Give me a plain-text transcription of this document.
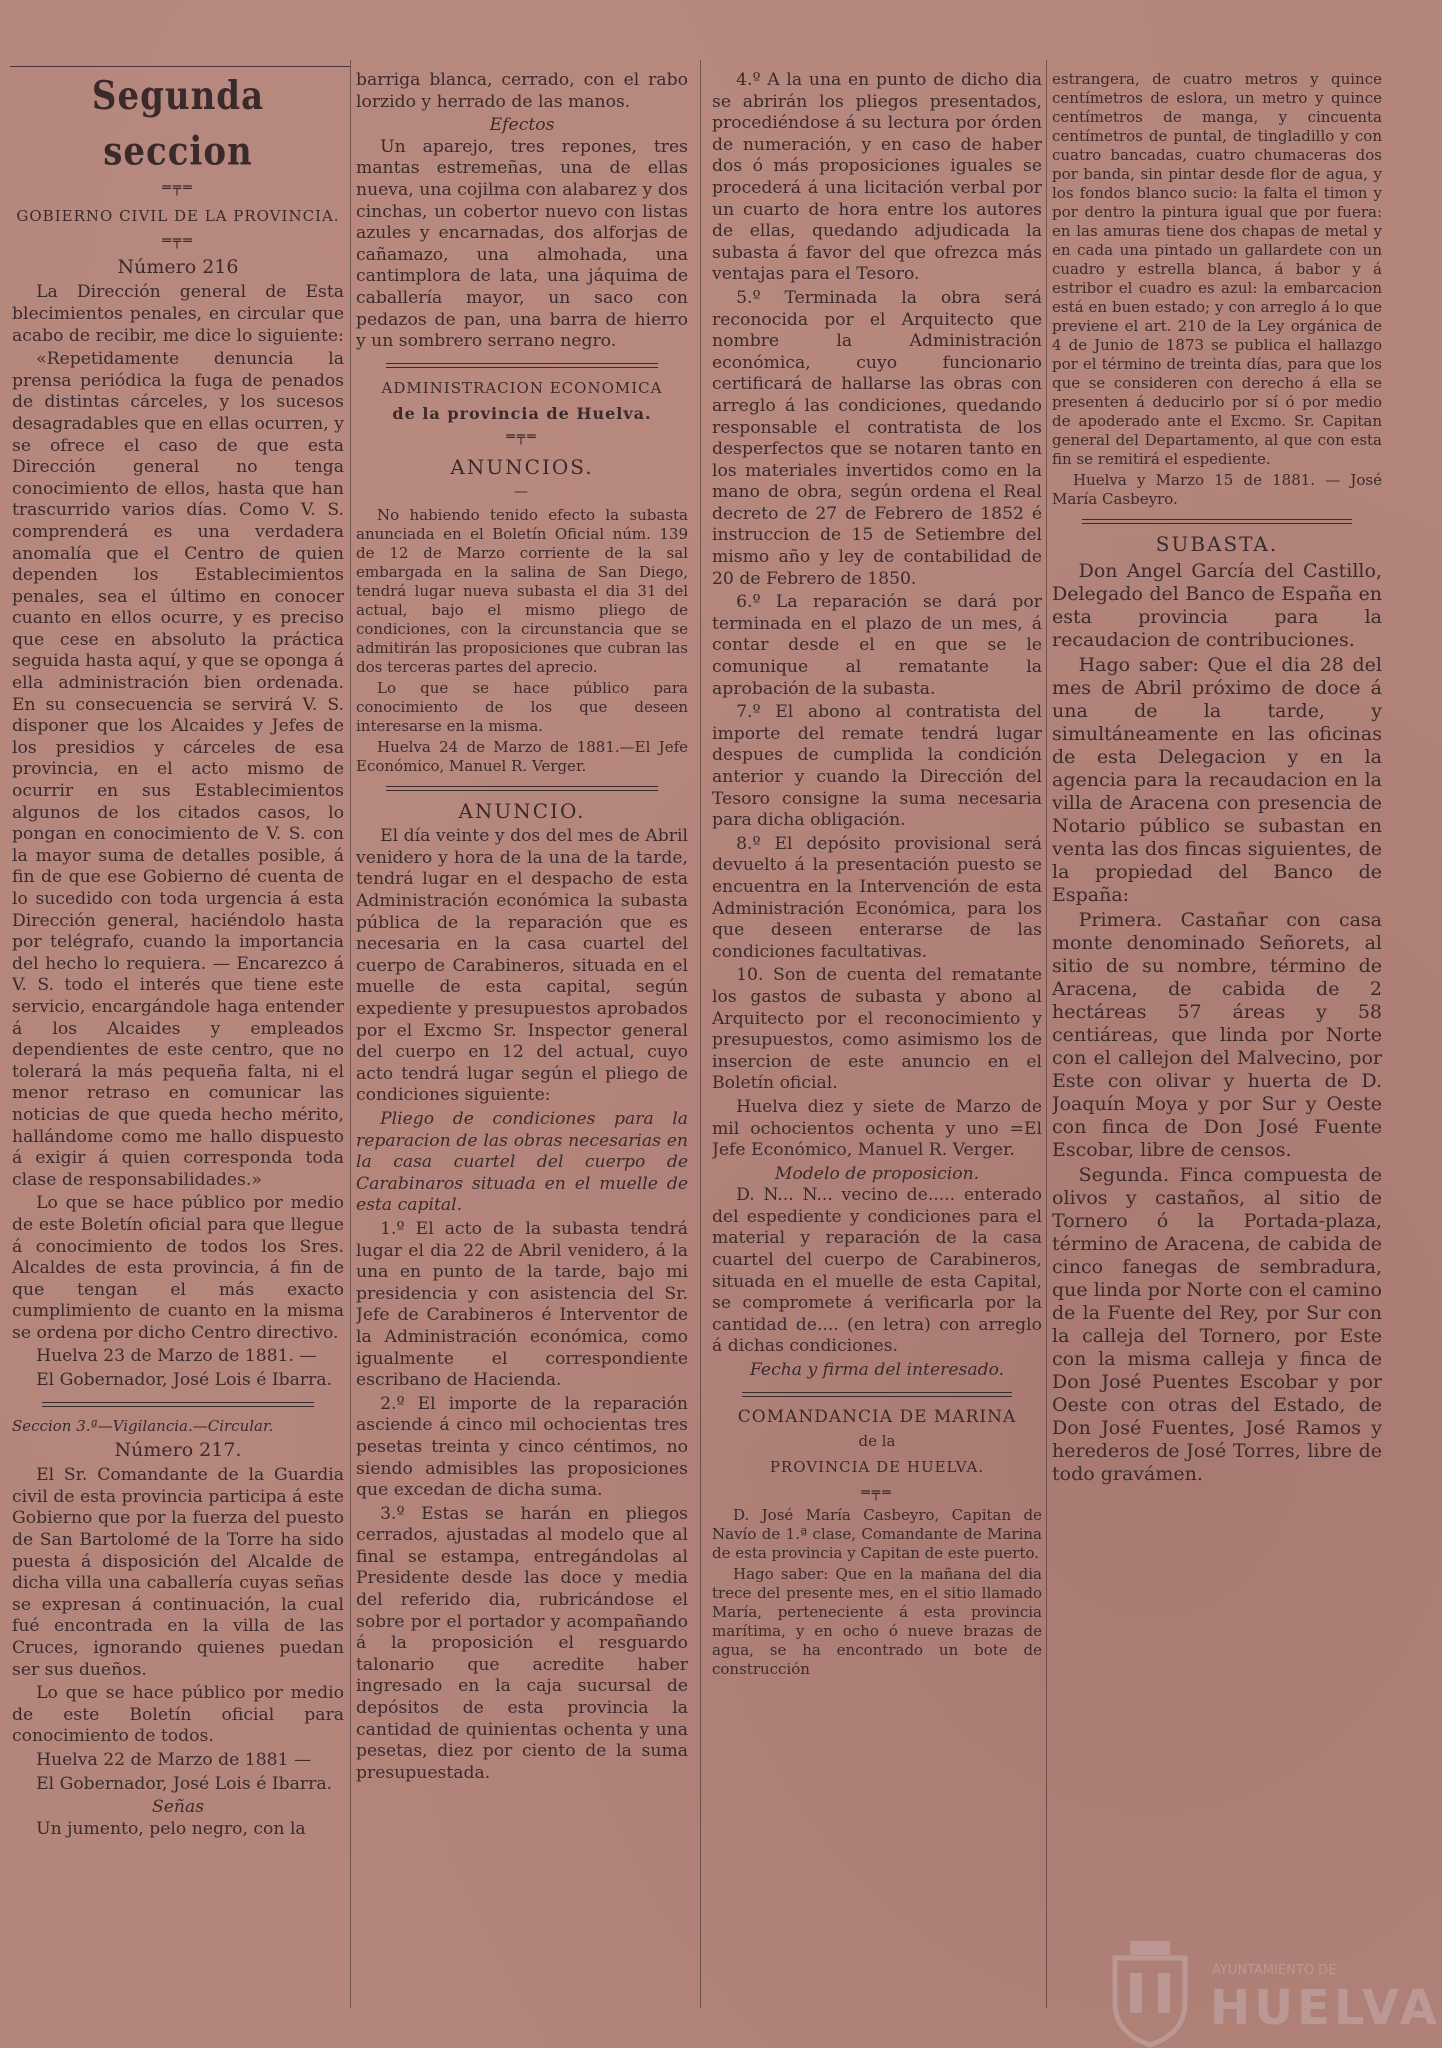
Segunda seccion
═╤═
GOBIERNO CIVIL DE LA PROVINCIA.
═╤═
Número 216

La Dirección general de Esta blecimientos penales, en circular que acabo de recibir, me dice lo siguiente:

«Repetidamente denuncia la prensa periódica la fuga de penados de distintas cárceles, y los sucesos desagradables que en ellas ocurren, y se ofrece el caso de que esta Dirección general no tenga conocimiento de ellos, hasta que han trascurrido varios días. Como V. S. comprenderá es una verdadera anomalía que el Centro de quien dependen los Establecimientos penales, sea el último en conocer cuanto en ellos ocurre, y es preciso que cese en absoluto la práctica seguida hasta aquí, y que se oponga á ella administración bien ordenada. En su consecuencia se servirá V. S. disponer que los Alcaides y Jefes de los presidios y cárceles de esa provincia, en el acto mismo de ocurrir en sus Establecimientos algunos de los citados casos, lo pongan en conocimiento de V. S. con la mayor suma de detalles posible, á fin de que ese Gobierno dé cuenta de lo sucedido con toda urgencia á esta Dirección general, haciéndolo hasta por telégrafo, cuando la importancia del hecho lo requiera. — Encarezco á V. S. todo el interés que tiene este servicio, encargándole haga entender á los Alcaides y empleados dependientes de este centro, que no tolerará la más pequeña falta, ni el menor retraso en comunicar las noticias de que queda hecho mérito, hallándome como me hallo dispuesto á exigir á quien corresponda toda clase de responsabilidades.»

Lo que se hace público por medio de este Boletín oficial para que llegue á conocimiento de todos los Sres. Alcaldes de esta provincia, á fin de que tengan el más exacto cumplimiento de cuanto en la misma se ordena por dicho Centro directivo.

Huelva 23 de Marzo de 1881. —

El Gobernador, José Lois é Ibarra.

Seccion 3.ª—Vigilancia.—Circular.

Número 217.

El Sr. Comandante de la Guardia civil de esta provincia participa á este Gobierno que por la fuerza del puesto de San Bartolomé de la Torre ha sido puesta á disposición del Alcalde de dicha villa una caballería cuyas señas se expresan á continuación, la cual fué encontrada en la villa de las Cruces, ignorando quienes puedan ser sus dueños.

Lo que se hace público por medio de este Boletín oficial para conocimiento de todos.

Huelva 22 de Marzo de 1881 —

El Gobernador, José Lois é Ibarra.

Señas

Un jumento, pelo negro, con la

barriga blanca, cerrado, con el rabo lorzido y herrado de las manos.

Efectos

Un aparejo, tres repones, tres mantas estremeñas, una de ellas nueva, una cojilma con alabarez y dos cinchas, un cobertor nuevo con listas azules y encarnadas, dos alforjas de cañamazo, una almohada, una cantimplora de lata, una jáquima de caballería mayor, un saco con pedazos de pan, una barra de hierro y un sombrero serrano negro.

ADMINISTRACION ECONOMICA
de la provincia de Huelva.
═╤═
ANUNCIOS.
—

No habiendo tenido efecto la subasta anunciada en el Boletín Oficial núm. 139 de 12 de Marzo corriente de la sal embargada en la salina de San Diego, tendrá lugar nueva subasta el dia 31 del actual, bajo el mismo pliego de condiciones, con la circunstancia que se admitirán las proposiciones que cubran las dos terceras partes del aprecio.

Lo que se hace público para conocimiento de los que deseen interesarse en la misma.

Huelva 24 de Marzo de 1881.—El Jefe Económico, Manuel R. Verger.

ANUNCIO.

El día veinte y dos del mes de Abril venidero y hora de la una de la tarde, tendrá lugar en el despacho de esta Administración económica la subasta pública de la reparación que es necesaria en la casa cuartel del cuerpo de Carabineros, situada en el muelle de esta capital, según expediente y presupuestos aprobados por el Excmo Sr. Inspector general del cuerpo en 12 del actual, cuyo acto tendrá lugar según el pliego de condiciones siguiente:

Pliego de condiciones para la reparacion de las obras necesarias en la casa cuartel del cuerpo de Carabinaros situada en el muelle de esta capital.

1.º El acto de la subasta tendrá lugar el dia 22 de Abril venidero, á la una en punto de la tarde, bajo mi presidencia y con asistencia del Sr. Jefe de Carabineros é Interventor de la Administración económica, como igualmente el correspondiente escribano de Hacienda.

2.º El importe de la reparación asciende á cinco mil ochocientas tres pesetas treinta y cinco céntimos, no siendo admisibles las proposiciones que excedan de dicha suma.

3.º Estas se harán en pliegos cerrados, ajustadas al modelo que al final se estampa, entregándolas al Presidente desde las doce y media del referido dia, rubricándose el sobre por el portador y acompañando á la proposición el resguardo talonario que acredite haber ingresado en la caja sucursal de depósitos de esta provincia la cantidad de quinientas ochenta y una pesetas, diez por ciento de la suma presupuestada.

4.º A la una en punto de dicho dia se abrirán los pliegos presentados, procediéndose á su lectura por órden de numeración, y en caso de haber dos ó más proposiciones iguales se procederá á una licitación verbal por un cuarto de hora entre los autores de ellas, quedando adjudicada la subasta á favor del que ofrezca más ventajas para el Tesoro.

5.º Terminada la obra será reconocida por el Arquitecto que nombre la Administración económica, cuyo funcionario certificará de hallarse las obras con arreglo á las condiciones, quedando responsable el contratista de los desperfectos que se notaren tanto en los materiales invertidos como en la mano de obra, según ordena el Real decreto de 27 de Febrero de 1852 é instruccion de 15 de Setiembre del mismo año y ley de contabilidad de 20 de Febrero de 1850.

6.º La reparación se dará por terminada en el plazo de un mes, á contar desde el en que se le comunique al rematante la aprobación de la subasta.

7.º El abono al contratista del importe del remate tendrá lugar despues de cumplida la condición anterior y cuando la Dirección del Tesoro consigne la suma necesaria para dicha obligación.

8.º El depósito provisional será devuelto á la presentación puesto se encuentra en la Intervención de esta Administración Económica, para los que deseen enterarse de las condiciones facultativas.

10. Son de cuenta del rematante los gastos de subasta y abono al Arquitecto por el reconocimiento y presupuestos, como asimismo los de insercion de este anuncio en el Boletín oficial.

Huelva diez y siete de Marzo de mil ochocientos ochenta y uno =El Jefe Económico, Manuel R. Verger.

Modelo de proposicion.

D. N... N... vecino de..... enterado del espediente y condiciones para el material y reparación de la casa cuartel del cuerpo de Carabineros, situada en el muelle de esta Capital, se compromete á verificarla por la cantidad de.... (en letra) con arreglo á dichas condiciones.

Fecha y firma del interesado.
COMANDANCIA DE MARINA
de la
PROVINCIA DE HUELVA.
═╤═

D. José María Casbeyro, Capitan de Navío de 1.ª clase, Comandante de Marina de esta provincia y Capitan de este puerto.

Hago saber: Que en la mañana del dia trece del presente mes, en el sitio llamado María, perteneciente á esta provincia marítima, y en ocho ó nueve brazas de agua, se ha encontrado un bote de construcción

estrangera, de cuatro metros y quince centímetros de eslora, un metro y quince centímetros de manga, y cincuenta centímetros de puntal, de tingladillo y con cuatro bancadas, cuatro chumaceras dos por banda, sin pintar desde flor de agua, y los fondos blanco sucio: la falta el timon y por dentro la pintura igual que por fuera: en las amuras tiene dos chapas de metal y en cada una pintado un gallardete con un cuadro y estrella blanca, á babor y á estribor el cuadro es azul: la embarcacion está en buen estado; y con arreglo á lo que previene el art. 210 de la Ley orgánica de 4 de Junio de 1873 se publica el hallazgo por el término de treinta días, para que los que se consideren con derecho á ella se presenten á deducirlo por sí ó por medio de apoderado ante el Excmo. Sr. Capitan general del Departamento, al que con esta fin se remitirá el espediente.

Huelva y Marzo 15 de 1881. — José María Casbeyro.

SUBASTA.

Don Angel García del Castillo, Delegado del Banco de España en esta provincia para la recaudacion de contribuciones.

Hago saber: Que el dia 28 del mes de Abril próximo de doce á una de la tarde, y simultáneamente en las oficinas de esta Delegacion y en la agencia para la recaudacion en la villa de Aracena con presencia de Notario público se subastan en venta las dos fincas siguientes, de la propiedad del Banco de España:

Primera. Castañar con casa monte denominado Señorets, al sitio de su nombre, término de Aracena, de cabida de 2 hectáreas 57 áreas y 58 centiáreas, que linda por Norte con el callejon del Malvecino, por Este con olivar y huerta de D. Joaquín Moya y por Sur y Oeste con finca de Don José Fuente Escobar, libre de censos.

Segunda. Finca compuesta de olivos y castaños, al sitio de Tornero ó la Portada-plaza, término de Aracena, de cabida de cinco fanegas de sembradura, que linda por Norte con el camino de la Fuente del Rey, por Sur con la calleja del Tornero, por Este con la misma calleja y finca de Don José Puentes Escobar y por Oeste con otras del Estado, de Don José Fuentes, José Ramos y herederos de José Torres, libre de todo gravámen.

AYUNTAMIENTO DE
HUELVA
